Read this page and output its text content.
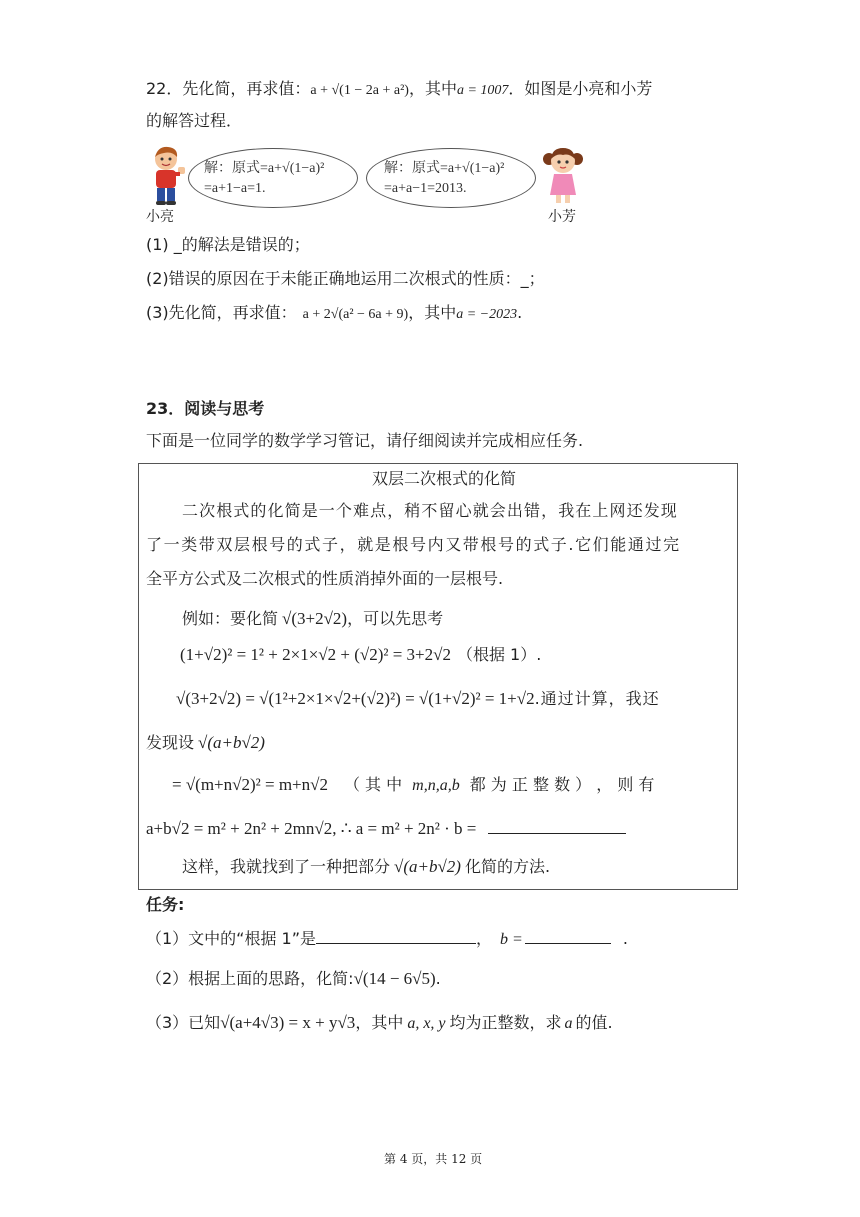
22．先化简，再求值：a + √(1 − 2a + a²)，其中a = 1007．如图是小亮和小芳
的解答过程．
小亮
解：原式=a+√(1−a)²
=a+1−a=1.
解：原式=a+√(1−a)²
=a+a−1=2013.
小芳
(1) _的解法是错误的；
(2)错误的原因在于未能正确地运用二次根式的性质：_；
(3)先化简，再求值： a + 2√(a² − 6a + 9)，其中a = −2023.
23．阅读与思考
下面是一位同学的数学学习管记，请仔细阅读并完成相应任务.
双层二次根式的化简
二次根式的化简是一个难点，稍不留心就会出错，我在上网还发现
了一类带双层根号的式子，就是根号内又带根号的式子.它们能通过完
全平方公式及二次根式的性质消掉外面的一层根号.
例如：要化简 √(3+2√2)，可以先思考
(1+√2)² = 1² + 2×1×√2 + (√2)² = 3+2√2 （根据 1）.
√(3+2√2) = √(1²+2×1×√2+(√2)²) = √(1+√2)² = 1+√2.通过计算，我还
发现设 √(a+b√2)
= √(m+n√2)² = m+n√2 （ 其 中 m,n,a,b 都 为 正 整 数 ） ， 则 有
a+b√2 = m² + 2n² + 2mn√2, ∴ a = m² + 2n² · b =
这样，我就找到了一种把部分 √(a+b√2) 化简的方法.
任务:
（1）文中的“根据 1”是	， b =	.
（2）根据上面的思路，化简:√(14 − 6√5).
（3）已知√(a+4√3) = x + y√3，其中 a, x, y 均为正整数，求 a 的值.
第 4 页，共 12 页
